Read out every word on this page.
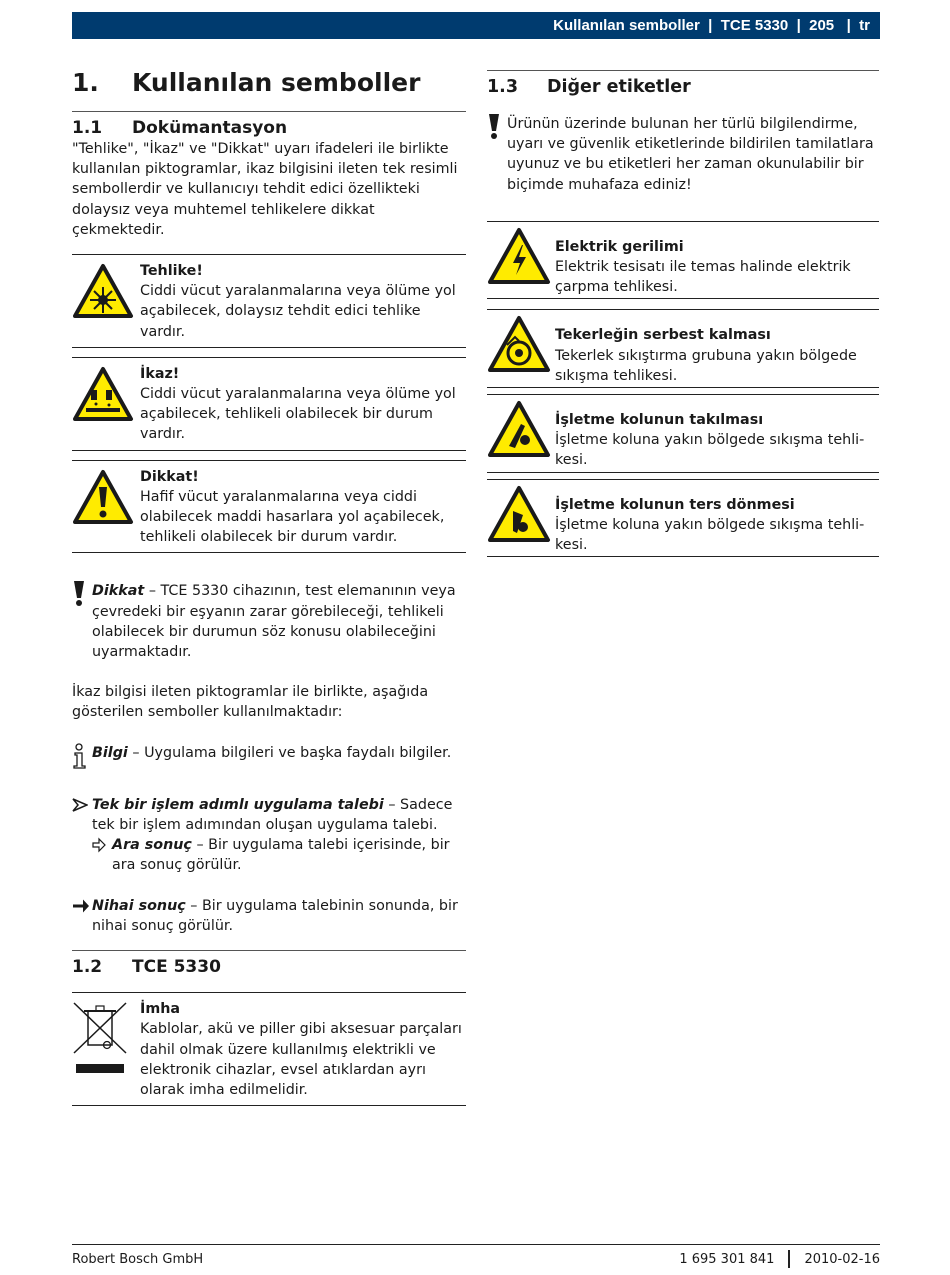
Kullanılan semboller  |  TCE 5330  |  205   |  tr
1.	Kullanılan semboller
1.1	Dokümantasyon

"Tehlike", "İkaz" ve "Dikkat" uyarı ifadeleri ile birlikte kullanılan piktogramlar, ikaz bilgisini ileten tek resimli sembollerdir ve kullanıcıyı tehdit edici özellikteki dolaysız veya muhtemel tehlikelere dikkat çekmektedir.

Tehlike!
Ciddi vücut yaralanmalarına veya ölüme yol açabilecek, dolaysız tehdit edici tehlike vardır.
İkaz!
Ciddi vücut yaralanmalarına veya ölüme yol açabilecek, tehlikeli olabilecek bir durum vardır.
Dikkat!
Hafif vücut yaralanmalarına veya ciddi olabilecek maddi hasarlara yol açabilecek, tehlikeli olabilecek bir durum vardır.

Dikkat – TCE 5330 cihazının, test elemanının veya çevredeki bir eşyanın zarar görebileceği, tehlikeli olabilecek bir durumun söz konusu olabileceğini uyarmaktadır.

İkaz bilgisi ileten piktogramlar ile birlikte, aşağıda gösterilen semboller kullanılmaktadır:

Bilgi – Uygulama bilgileri ve başka faydalı bilgiler.

Tek bir işlem adımlı uygulama talebi – Sadece tek bir işlem adımından oluşan uygulama talebi.

Ara sonuç – Bir uygulama talebi içerisinde, bir ara sonuç görülür.

Nihai sonuç – Bir uygulama talebinin sonunda, bir nihai sonuç görülür.

1.2	TCE 5330
İmha
Kablolar, akü ve piller gibi aksesuar parçaları dahil olmak üzere kullanılmış elektrikli ve elektronik cihazlar, evsel atıklardan ayrı olarak imha edilmelidir.
1.3	Diğer etiketler

Ürünün üzerinde bulunan her türlü bilgilendirme, uyarı ve güvenlik etiketlerinde bildirilen tamilatlara uyunuz ve bu etiketleri her zaman okunulabilir bir biçimde muhafaza ediniz!

Elektrik gerilimi
Elektrik tesisatı ile temas halinde elektrik çarpma tehlikesi.
Tekerleğin serbest kalması
Tekerlek sıkıştırma grubuna yakın bölgede sıkışma tehlikesi.
İşletme kolunun takılması
İşletme koluna yakın bölgede sıkışma tehli-kesi.
İşletme kolunun ters dönmesi
İşletme koluna yakın bölgede sıkışma tehli-kesi.
Robert Bosch GmbH	1 695 301 841 2010-02-16
